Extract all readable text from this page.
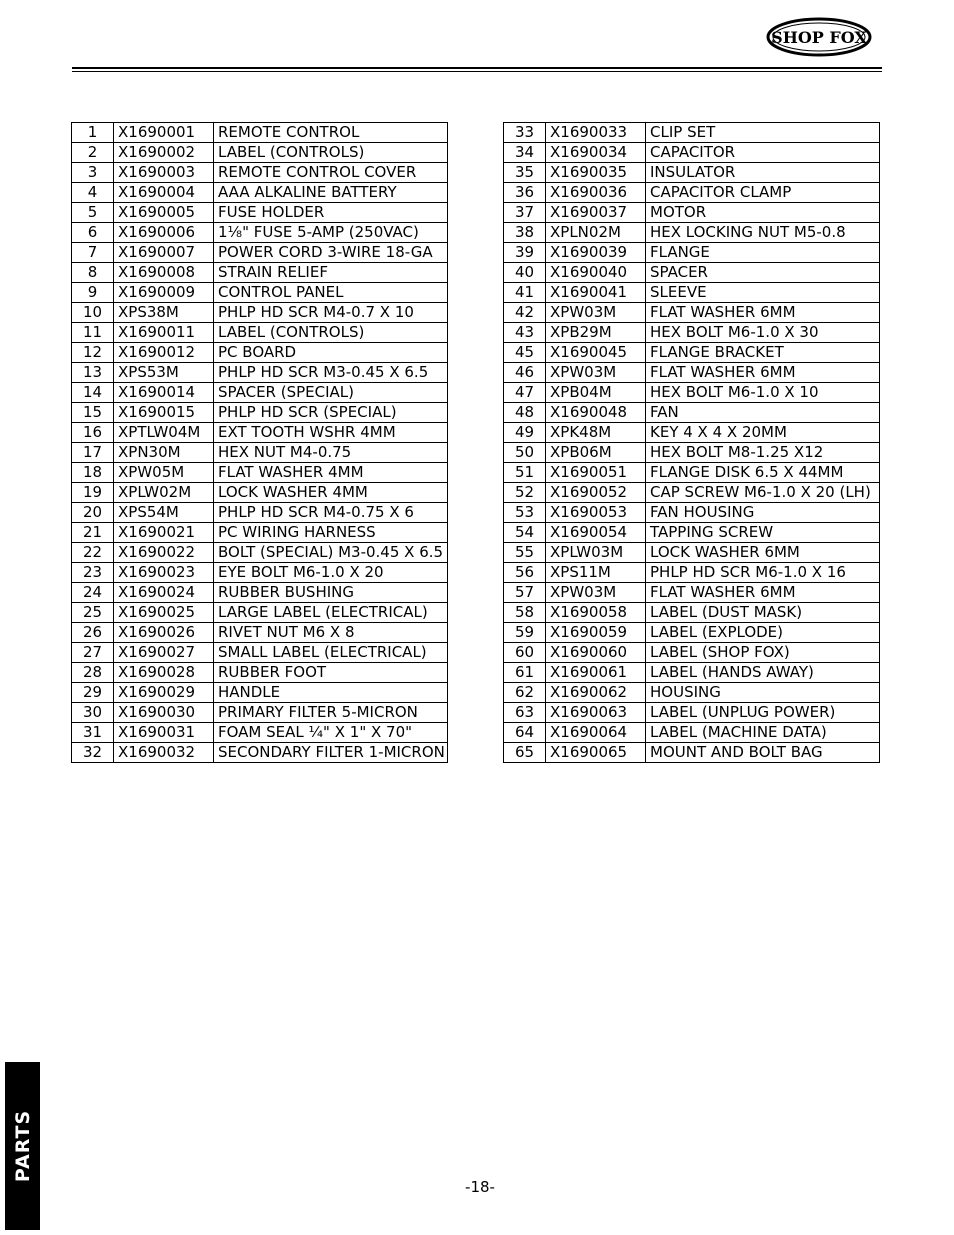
SHOP FOX
1	X1690001	REMOTE CONTROL
2	X1690002	LABEL (CONTROLS)
3	X1690003	REMOTE CONTROL COVER
4	X1690004	AAA ALKALINE BATTERY
5	X1690005	FUSE HOLDER
6	X1690006	1¹⁄₈" FUSE 5-AMP (250VAC)
7	X1690007	POWER CORD 3-WIRE 18-GA
8	X1690008	STRAIN RELIEF
9	X1690009	CONTROL PANEL
10	XPS38M	PHLP HD SCR M4-0.7 X 10
11	X1690011	LABEL (CONTROLS)
12	X1690012	PC BOARD
13	XPS53M	PHLP HD SCR M3-0.45 X 6.5
14	X1690014	SPACER (SPECIAL)
15	X1690015	PHLP HD SCR (SPECIAL)
16	XPTLW04M	EXT TOOTH WSHR 4MM
17	XPN30M	HEX NUT M4-0.75
18	XPW05M	FLAT WASHER 4MM
19	XPLW02M	LOCK WASHER 4MM
20	XPS54M	PHLP HD SCR M4-0.75 X 6
21	X1690021	PC WIRING HARNESS
22	X1690022	BOLT (SPECIAL) M3-0.45 X 6.5
23	X1690023	EYE BOLT M6-1.0 X 20
24	X1690024	RUBBER BUSHING
25	X1690025	LARGE LABEL (ELECTRICAL)
26	X1690026	RIVET NUT M6 X 8
27	X1690027	SMALL LABEL (ELECTRICAL)
28	X1690028	RUBBER FOOT
29	X1690029	HANDLE
30	X1690030	PRIMARY FILTER 5-MICRON
31	X1690031	FOAM SEAL ¹⁄₄" X 1" X 70"
32	X1690032	SECONDARY FILTER 1-MICRON
33	X1690033	CLIP SET
34	X1690034	CAPACITOR
35	X1690035	INSULATOR
36	X1690036	CAPACITOR CLAMP
37	X1690037	MOTOR
38	XPLN02M	HEX LOCKING NUT M5-0.8
39	X1690039	FLANGE
40	X1690040	SPACER
41	X1690041	SLEEVE
42	XPW03M	FLAT WASHER 6MM
43	XPB29M	HEX BOLT M6-1.0 X 30
45	X1690045	FLANGE BRACKET
46	XPW03M	FLAT WASHER 6MM
47	XPB04M	HEX BOLT M6-1.0 X 10
48	X1690048	FAN
49	XPK48M	KEY 4 X 4 X 20MM
50	XPB06M	HEX BOLT M8-1.25 X12
51	X1690051	FLANGE DISK 6.5 X 44MM
52	X1690052	CAP SCREW M6-1.0 X 20 (LH)
53	X1690053	FAN HOUSING
54	X1690054	TAPPING SCREW
55	XPLW03M	LOCK WASHER 6MM
56	XPS11M	PHLP HD SCR M6-1.0 X 16
57	XPW03M	FLAT WASHER 6MM
58	X1690058	LABEL (DUST MASK)
59	X1690059	LABEL (EXPLODE)
60	X1690060	LABEL (SHOP FOX)
61	X1690061	LABEL (HANDS AWAY)
62	X1690062	HOUSING
63	X1690063	LABEL (UNPLUG POWER)
64	X1690064	LABEL (MACHINE DATA)
65	X1690065	MOUNT AND BOLT BAG
PARTS
-18-
